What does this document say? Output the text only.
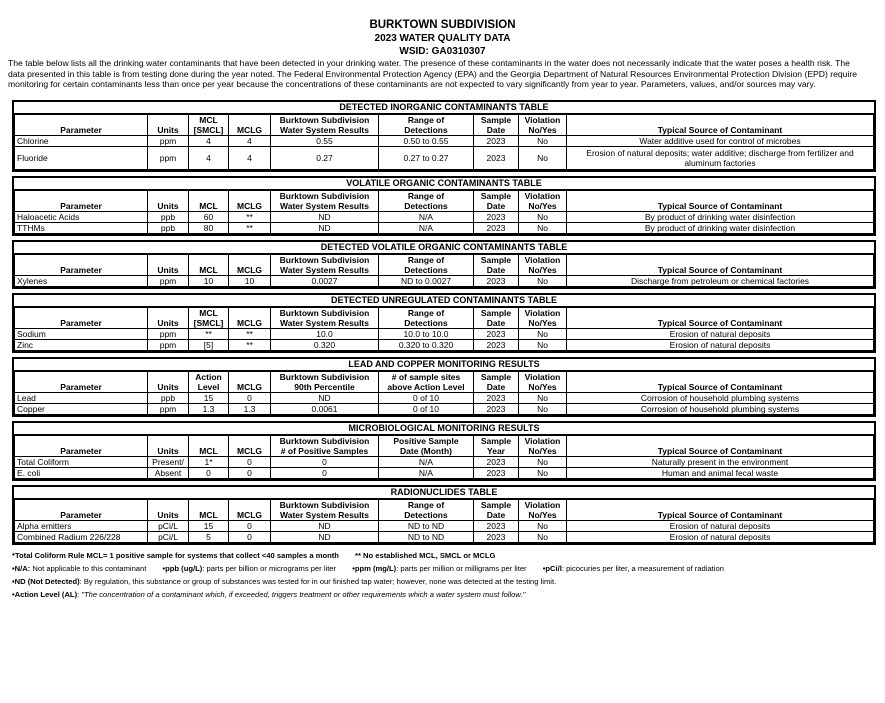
BURKTOWN SUBDIVISION
2023 WATER QUALITY DATA
WSID: GA0310307
The table below lists all the drinking water contaminants that have been detected in your drinking water. The presence of these contaminants in the water does not necessarily indicate that the water poses a health risk. The data presented in this table is from testing done during the year noted. The Federal Environmental Protection Agency (EPA) and the Georgia Department of Natural Resources Environmental Protection Division (EPD) require monitoring for certain contaminants less than once per year because the concentrations of these contaminants are not expected to vary significantly from year to year. Parameters, values, and/or sources may vary.
DETECTED INORGANIC CONTAMINANTS TABLE
		MCL		Burktown Subdivision	Range of	Sample	Violation	
Parameter	Units	[SMCL]	MCLG	Water System Results	Detections	Date	No/Yes	Typical Source of Contaminant
Chlorine	ppm	4	4	0.55	0.50 to 0.55	2023	No	Water additive used for control of microbes
Fluoride	ppm	4	4	0.27	0.27 to 0.27	2023	No	Erosion of natural deposits; water additive; discharge from fertilizer and aluminum factories
VOLATILE ORGANIC CONTAMINANTS TABLE
				Burktown Subdivision	Range of	Sample	Violation	
Parameter	Units	MCL	MCLG	Water System Results	Detections	Date	No/Yes	Typical Source of Contaminant
Haloacetic Acids	ppb	60	**	ND	N/A	2023	No	By product of drinking water disinfection
TTHMs	ppb	80	**	ND	N/A	2023	No	By product of drinking water disinfection
DETECTED VOLATILE ORGANIC CONTAMINANTS TABLE
				Burktown Subdivision	Range of	Sample	Violation	
Parameter	Units	MCL	MCLG	Water System Results	Detections	Date	No/Yes	Typical Source of Contaminant
Xylenes	ppm	10	10	0.0027	ND to 0.0027	2023	No	Discharge from petroleum or chemical factories
DETECTED UNREGULATED CONTAMINANTS TABLE
		MCL		Burktown Subdivision	Range of	Sample	Violation	
Parameter	Units	[SMCL]	MCLG	Water System Results	Detections	Date	No/Yes	Typical Source of Contaminant
Sodium	ppm	**	**	10.0	10.0 to 10.0	2023	No	Erosion of natural deposits
Zinc	ppm	[5]	**	0.320	0.320 to 0.320	2023	No	Erosion of natural deposits
LEAD AND COPPER MONITORING RESULTS
		Action		Burktown Subdivision	# of sample sites	Sample	Violation	
Parameter	Units	Level	MCLG	90th Percentile	above Action Level	Date	No/Yes	Typical Source of Contaminant
Lead	ppb	15	0	ND	0 of 10	2023	No	Corrosion of household plumbing systems
Copper	ppm	1.3	1.3	0.0061	0 of 10	2023	No	Corrosion of household plumbing systems
MICROBIOLOGICAL MONITORING RESULTS
				Burktown Subdivision	Positive Sample	Sample	Violation	
Parameter	Units	MCL	MCLG	# of Positive Samples	Date (Month)	Year	No/Yes	Typical Source of Contaminant
Total Coliform	Present/	1*	0	0	N/A	2023	No	Naturally present in the environment
E. coli	Absent	0	0	0	N/A	2023	No	Human and animal fecal waste
RADIONUCLIDES TABLE
				Burktown Subdivision	Range of	Sample	Violation	
Parameter	Units	MCL	MCLG	Water System Results	Detections	Date	No/Yes	Typical Source of Contaminant
Alpha emitters	pCi/L	15	0	ND	ND to ND	2023	No	Erosion of natural deposits
Combined Radium 226/228	pCi/L	5	0	ND	ND to ND	2023	No	Erosion of natural deposits
*Total Coliform Rule MCL= 1 positive sample for systems that collect <40 samples a month ** No established MCL, SMCL or MCLG
•N/A: Not applicable to this contaminant •ppb (ug/L): parts per billion or micrograms per liter •ppm (mg/L): parts per million or milligrams per liter •pCi/l: picocuries per liter, a measurement of radiation
•ND (Not Detected): By regulation, this substance or group of substances was tested for in our finished tap water; however, none was detected at the testing limit.
•Action Level (AL): "The concentration of a contaminant which, if exceeded, triggers treatment or other requirements which a water system must follow."
